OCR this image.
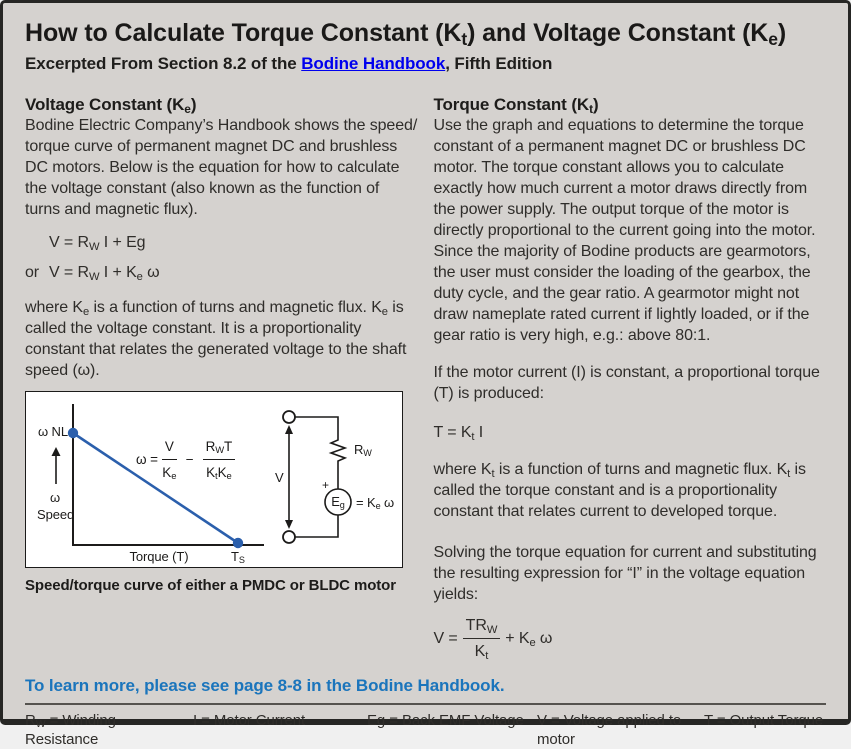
How to Calculate Torque Constant $(K_t)$ and Voltage Constant $(K_e)$
Excerpted From Section 8.2 of the Bodine Handbook, Fifth Edition
Voltage Constant $(K_e)$

Bodine Electric Company’s Handbook shows the speed/ torque curve of permanent magnet DC and brushless DC motors. Below is the equation for how to calculate the voltage constant (also known as the function of turns and magnetic flux).

$V = R_W$ I + Eg
or $V = R_W$ $I + K_e$ ω

where $K_e$ is a function of turns and magnetic flux. $K_e$ is called the voltage constant. It is a proportionality constant that relates the generated voltage to the shaft speed (ω).

ω NL
ω
Speed
Torque (T)	$T_S$
$\omega = \frac{V}{K_e} - \frac{R_WT}{K_tK_e}$	V
$R_W$
+
$E_g = K_e$ ω
Speed/torque curve of either a PMDC or BLDC motor
Torque Constant $(K_t)$

Use the graph and equations to determine the torque constant of a permanent magnet DC or brushless DC motor. The torque constant allows you to calculate exactly how much current a motor draws directly from the power supply. The output torque of the motor is directly proportional to the current going into the motor. Since the majority of Bodine products are gearmotors, the user must consider the loading of the gearbox, the duty cycle, and the gear ratio. A gearmotor might not draw nameplate rated current if lightly loaded, or if the gear ratio is very high, e.g.: above 80:1.

If the motor current (I) is constant, a proportional torque (T) is produced:

$T = K_t$ I

where $K_t$ is a function of turns and magnetic flux. $K_t$ is called the torque constant and is a proportionality constant that relates current to developed torque.

Solving the torque equation for current and substituting the resulting expression for “I” in the voltage equation yields:

$V = \frac{TR_W}{K_t} + K_e$ ω
To learn more, please see page 8-8 in the Bodine Handbook.
$R_W$ = Winding Resistance
I = Motor Current	Eg = Back EMF Voltage V = Voltage applied to motor
T = Output Torque
